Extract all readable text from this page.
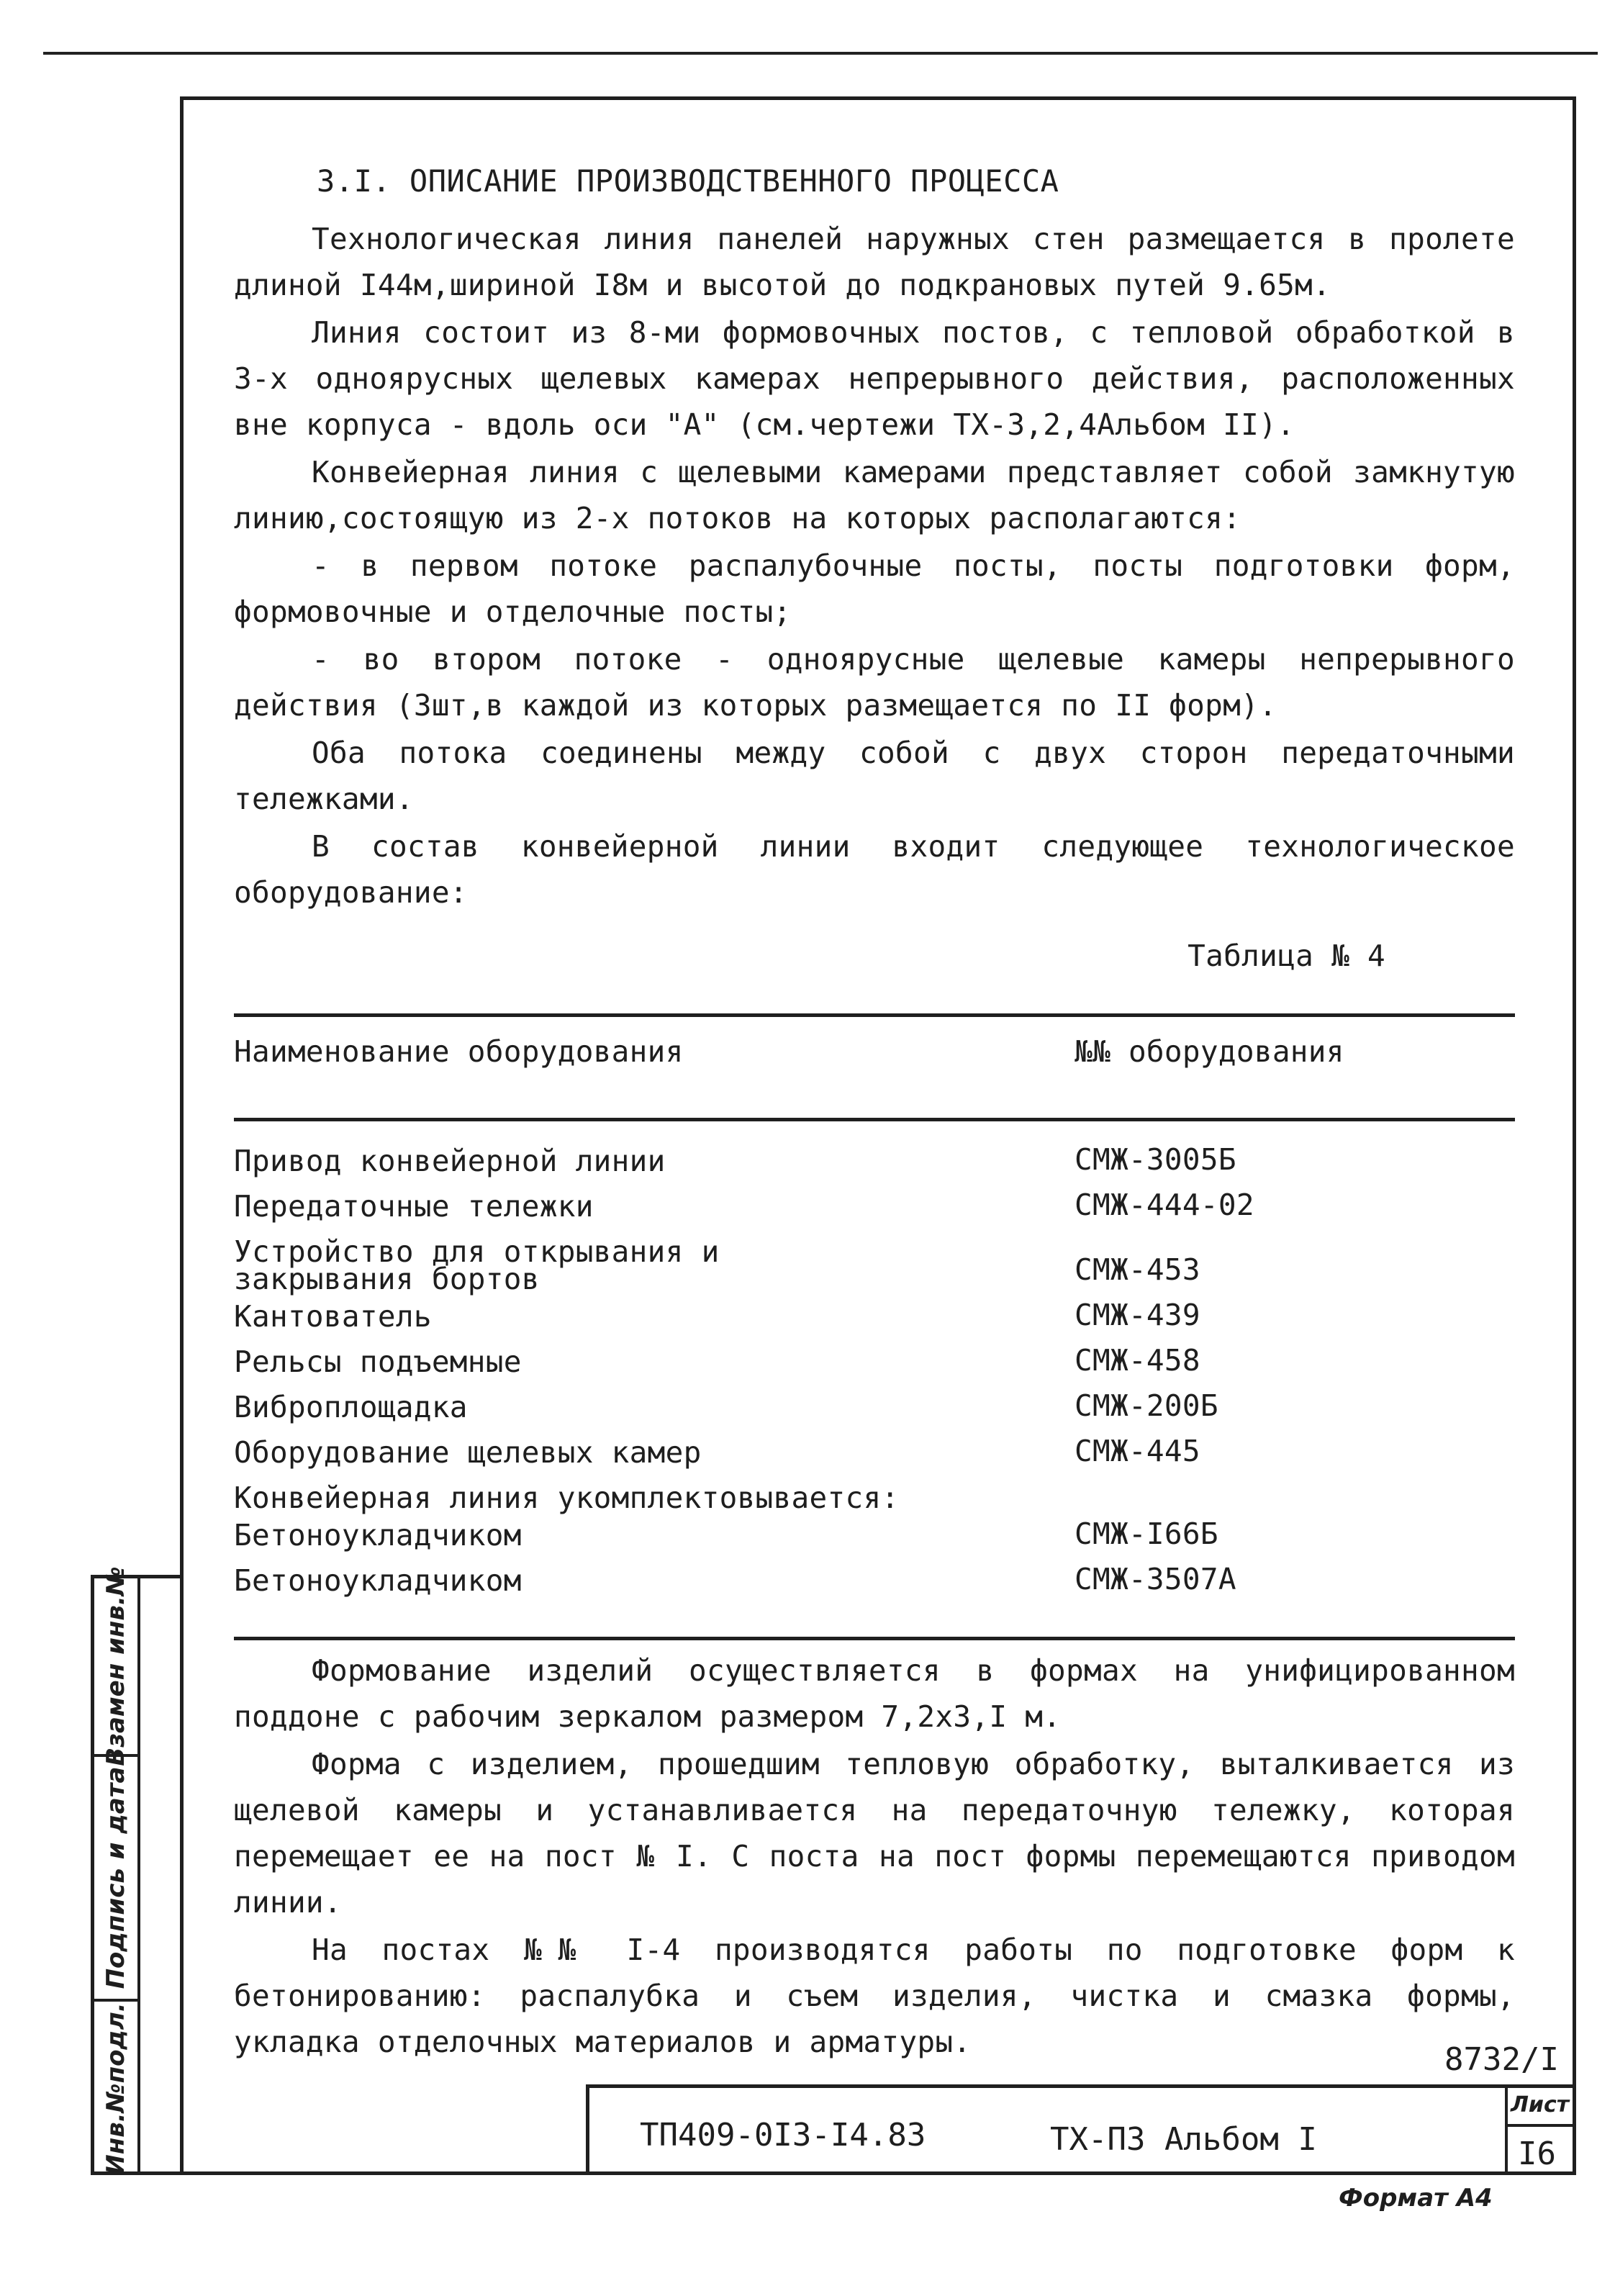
3.I. ОПИСАНИЕ ПРОИЗВОДСТВЕННОГО ПРОЦЕССА

Технологическая линия панелей наружных стен размещается в пролете длиной I44м,шириной I8м и высотой до подкрановых путей 9.65м.

Линия состоит из 8-ми формовочных постов, с тепловой обработкой в 3-х одноярусных щелевых камерах непрерывного действия, расположенных вне корпуса - вдоль оси "А" (см.чертежи ТХ-3,2,4Альбом II).

Конвейерная линия с щелевыми камерами представляет собой замкнутую линию,состоящую из 2-х потоков на которых располагаются:

- в первом потоке распалубочные посты, посты подготовки форм, формовочные и отделочные посты;

- во втором потоке - одноярусные щелевые камеры непрерывного действия (3шт,в каждой из которых размещается по II форм).

Оба потока соединены между собой с двух сторон передаточными тележками.

В состав конвейерной линии входит следующее технологическое оборудование:

Таблица № 4
Наименование оборудования	№№ оборудования
Привод конвейерной линии	СМЖ-3005Б
Передаточные тележки	СМЖ-444-02
Устройство для открывания и закрывания бортов	СМЖ-453
Кантователь	СМЖ-439
Рельсы подъемные	СМЖ-458
Виброплощадка	СМЖ-200Б
Оборудование щелевых камер	СМЖ-445
Конвейерная линия укомплектовывается:
Бетоноукладчиком	СМЖ-I66Б
Бетоноукладчиком	СМЖ-3507А

Формование изделий осуществляется в формах на унифицированном поддоне с рабочим зеркалом размером 7,2х3,I м.

Форма с изделием, прошедшим тепловую обработку, выталкивается из щелевой камеры и устанавливается на передаточную тележку, которая перемещает ее на пост № I. С поста на пост формы перемещаются приводом линии.

На постах №№ I-4 производятся работы по подготовке форм к бетонированию: распалубка и съем изделия, чистка и смазка формы, укладка отделочных материалов и арматуры.	8732/I
Взамен инв.№
Подпись и дата
Инв.№подл.	ТП409-0I3-I4.83	ТХ-ПЗ Альбом I
Лист
I6
Формат А4
